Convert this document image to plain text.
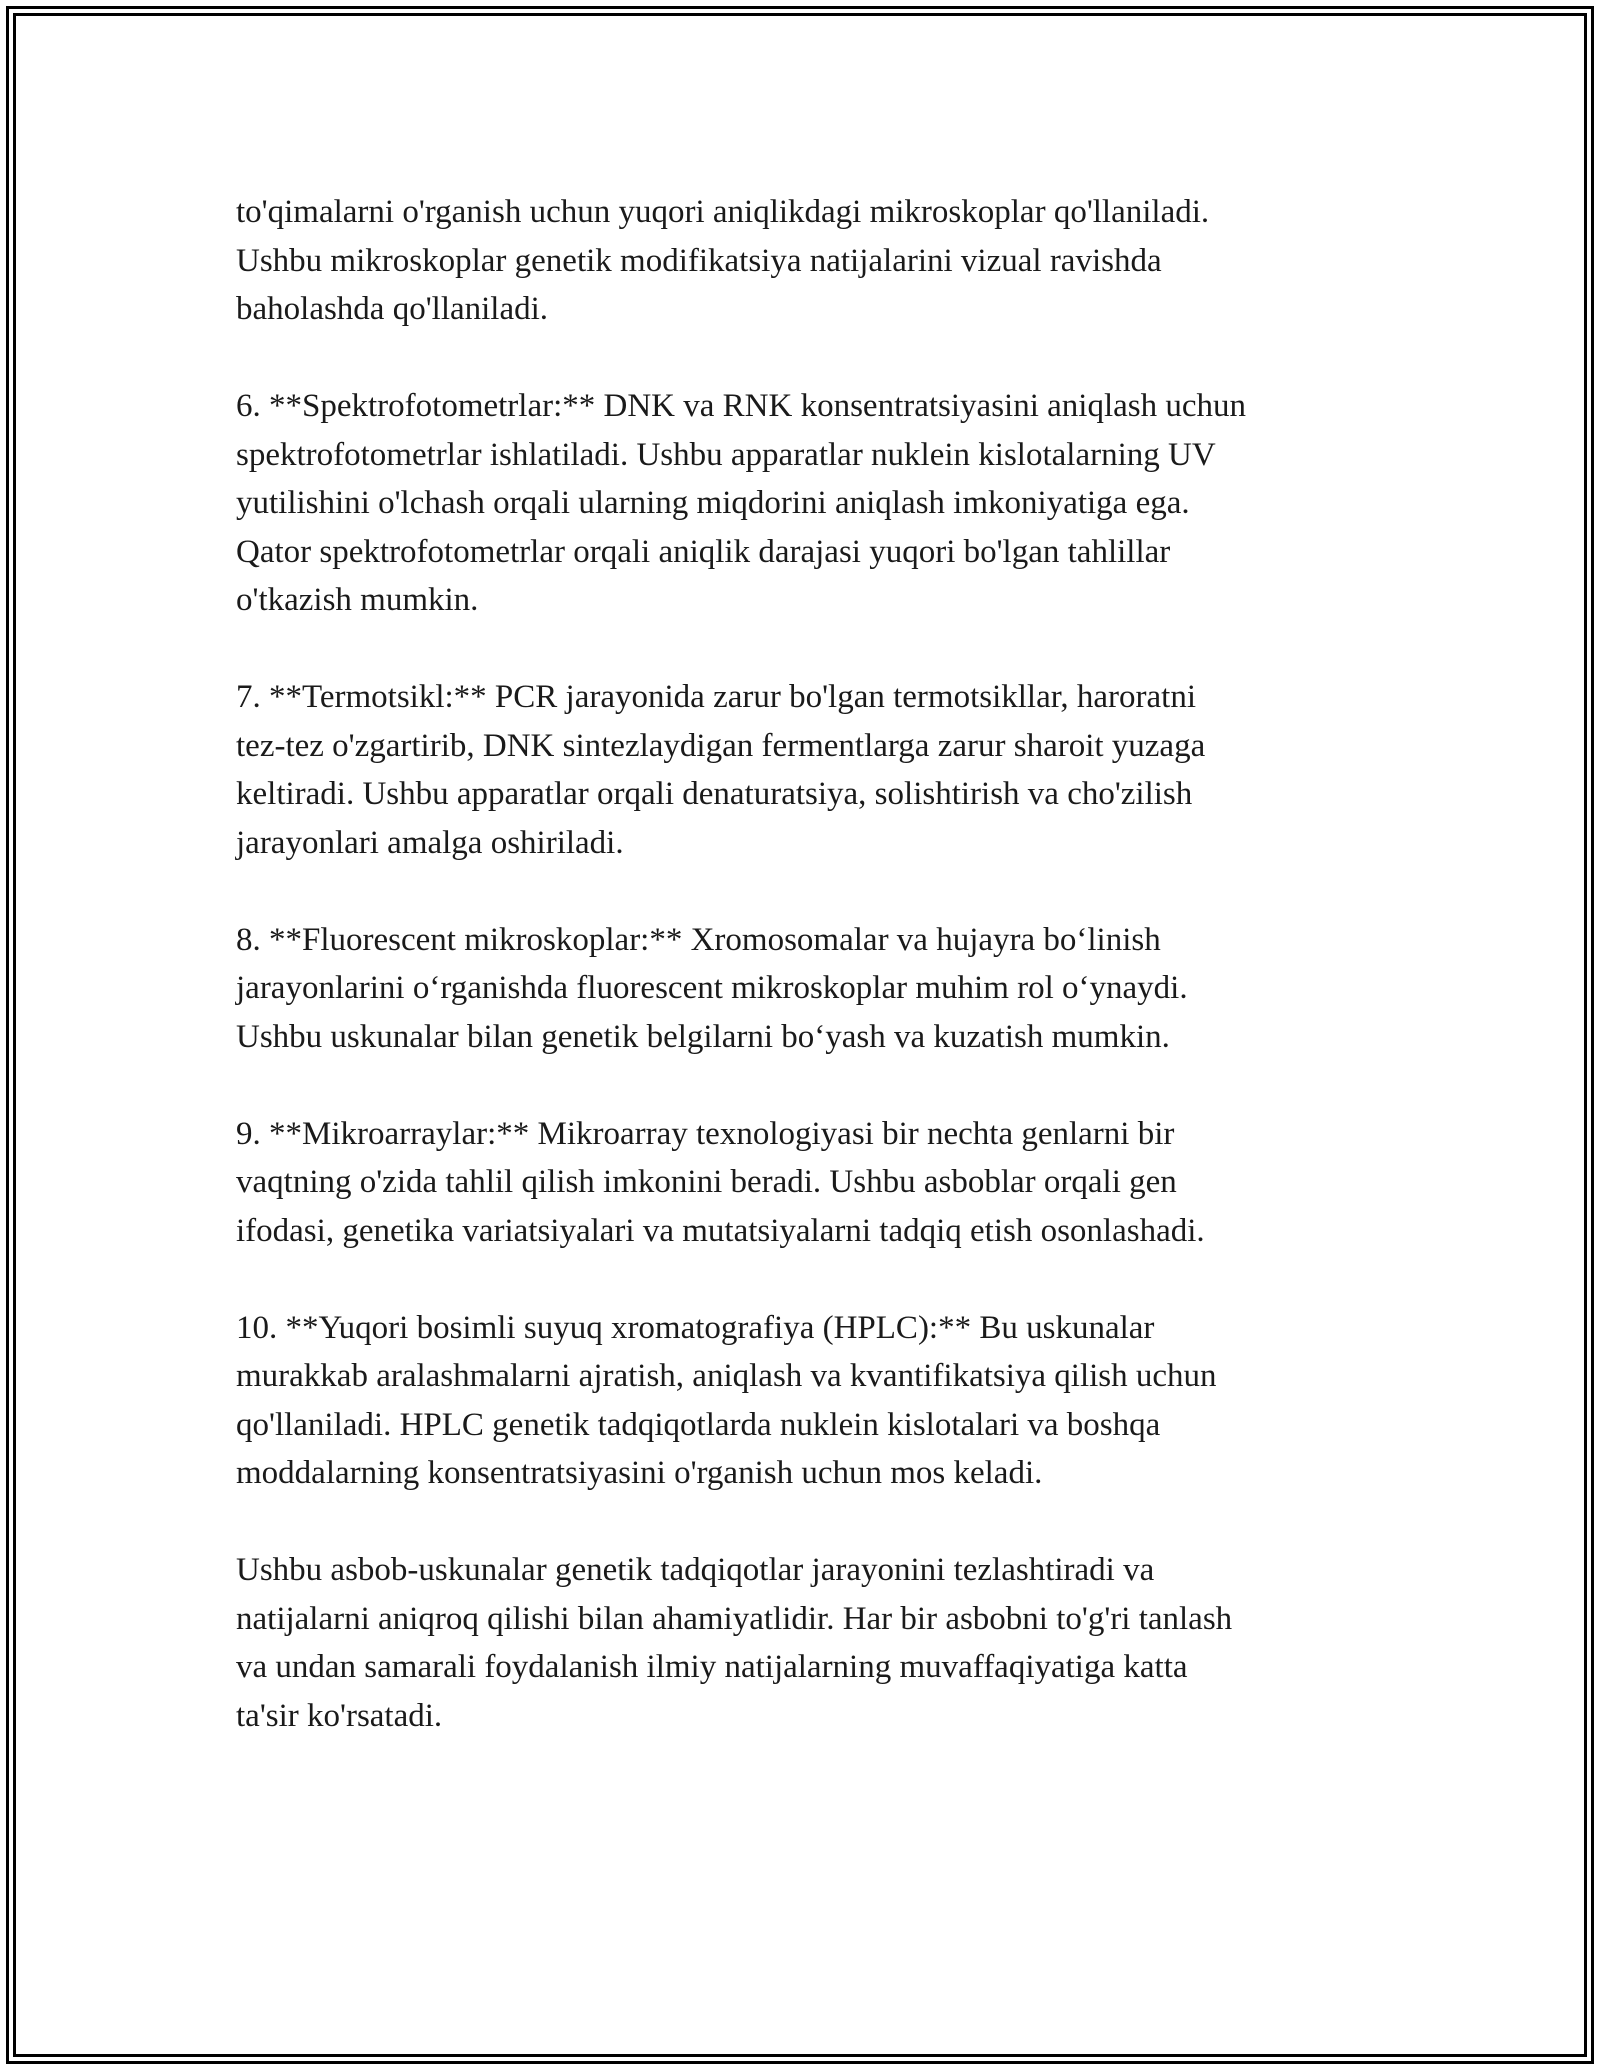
to'qimalarni o'rganish uchun yuqori aniqlikdagi mikroskoplar qo'llaniladi.
Ushbu mikroskoplar genetik modifikatsiya natijalarini vizual ravishda
baholashda qo'llaniladi.

6. **Spektrofotometrlar:** DNK va RNK konsentratsiyasini aniqlash uchun
spektrofotometrlar ishlatiladi. Ushbu apparatlar nuklein kislotalarning UV
yutilishini o'lchash orqali ularning miqdorini aniqlash imkoniyatiga ega.
Qator spektrofotometrlar orqali aniqlik darajasi yuqori bo'lgan tahlillar
o'tkazish mumkin.

7. **Termotsikl:** PCR jarayonida zarur bo'lgan termotsikllar, haroratni
tez-tez o'zgartirib, DNK sintezlaydigan fermentlarga zarur sharoit yuzaga
keltiradi. Ushbu apparatlar orqali denaturatsiya, solishtirish va cho'zilish
jarayonlari amalga oshiriladi.

8. **Fluorescent mikroskoplar:** Xromosomalar va hujayra bo‘linish
jarayonlarini o‘rganishda fluorescent mikroskoplar muhim rol o‘ynaydi.
Ushbu uskunalar bilan genetik belgilarni bo‘yash va kuzatish mumkin.

9. **Mikroarraylar:** Mikroarray texnologiyasi bir nechta genlarni bir
vaqtning o'zida tahlil qilish imkonini beradi. Ushbu asboblar orqali gen
ifodasi, genetika variatsiyalari va mutatsiyalarni tadqiq etish osonlashadi.

10. **Yuqori bosimli suyuq xromatografiya (HPLC):** Bu uskunalar
murakkab aralashmalarni ajratish, aniqlash va kvantifikatsiya qilish uchun
qo'llaniladi. HPLC genetik tadqiqotlarda nuklein kislotalari va boshqa
moddalarning konsentratsiyasini o'rganish uchun mos keladi.

Ushbu asbob-uskunalar genetik tadqiqotlar jarayonini tezlashtiradi va
natijalarni aniqroq qilishi bilan ahamiyatlidir. Har bir asbobni to'g'ri tanlash
va undan samarali foydalanish ilmiy natijalarning muvaffaqiyatiga katta
ta'sir ko'rsatadi.
